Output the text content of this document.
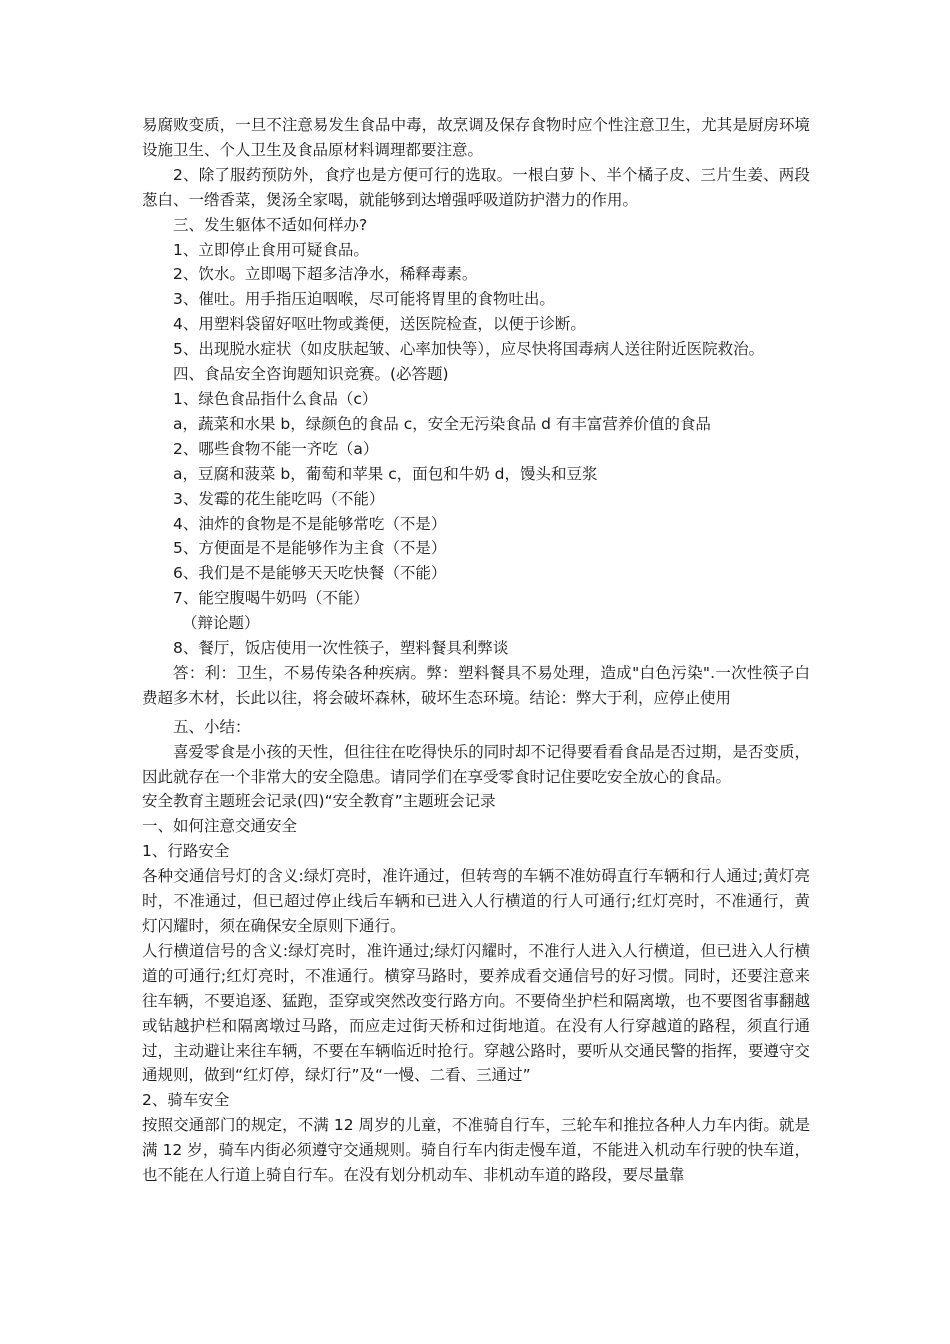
易腐败变质，一旦不注意易发生食品中毒，故烹调及保存食物时应个性注意卫生，尤其是厨房环境设施卫生、个人卫生及食品原材料调理都要注意。

2、除了服药预防外，食疗也是方便可行的选取。一根白萝卜、半个橘子皮、三片生姜、两段葱白、一绺香菜，煲汤全家喝，就能够到达增强呼吸道防护潜力的作用。

三、发生躯体不适如何样办?

1、立即停止食用可疑食品。

2、饮水。立即喝下超多洁净水，稀释毒素。

3、催吐。用手指压迫咽喉，尽可能将胃里的食物吐出。

4、用塑料袋留好呕吐物或粪便，送医院检查，以便于诊断。

5、出现脱水症状（如皮肤起皱、心率加快等），应尽快将国毒病人送往附近医院救治。

四、食品安全咨询题知识竞赛。(必答题)

1、绿色食品指什么食品（c）

a，蔬菜和水果 b，绿颜色的食品 c，安全无污染食品 d 有丰富营养价值的食品

2、哪些食物不能一齐吃（a）

a，豆腐和菠菜 b，葡萄和苹果 c，面包和牛奶 d，馒头和豆浆

3、发霉的花生能吃吗（不能）

4、油炸的食物是不是能够常吃（不是）

5、方便面是不是能够作为主食（不是）

6、我们是不是能够天天吃快餐（不能）

7、能空腹喝牛奶吗（不能）

（辩论题）

8、餐厅，饭店使用一次性筷子，塑料餐具利弊谈

答：利：卫生，不易传染各种疾病。弊：塑料餐具不易处理，造成"白色污染".一次性筷子白费超多木材，长此以往，将会破坏森林，破坏生态环境。结论：弊大于利，应停止使用

五、小结：

喜爱零食是小孩的天性，但往往在吃得快乐的同时却不记得要看看食品是否过期，是否变质，因此就存在一个非常大的安全隐患。请同学们在享受零食时记住要吃安全放心的食品。

安全教育主题班会记录(四)“安全教育”主题班会记录

一、如何注意交通安全

1、行路安全

各种交通信号灯的含义:绿灯亮时，准许通过，但转弯的车辆不准妨碍直行车辆和行人通过;黄灯亮时，不准通过，但已超过停止线后车辆和已进入人行横道的行人可通行;红灯亮时，不准通行，黄灯闪耀时，须在确保安全原则下通行。

人行横道信号的含义:绿灯亮时，准许通过;绿灯闪耀时，不准行人进入人行横道，但已进入人行横道的可通行;红灯亮时，不准通行。横穿马路时，要养成看交通信号的好习惯。同时，还要注意来往车辆，不要追逐、猛跑，歪穿或突然改变行路方向。不要倚坐护栏和隔离墩，也不要图省事翻越或钻越护栏和隔离墩过马路，而应走过街天桥和过街地道。在没有人行穿越道的路程，须直行通过，主动避让来往车辆，不要在车辆临近时抢行。穿越公路时，要听从交通民警的指挥，要遵守交通规则，做到“红灯停，绿灯行”及“一慢、二看、三通过”

2、骑车安全

按照交通部门的规定，不满 12 周岁的儿童，不准骑自行车，三轮车和推拉各种人力车内街。就是满 12 岁，骑车内街必须遵守交通规则。骑自行车内街走慢车道，不能进入机动车行驶的快车道，也不能在人行道上骑自行车。在没有划分机动车、非机动车道的路段，要尽量靠
